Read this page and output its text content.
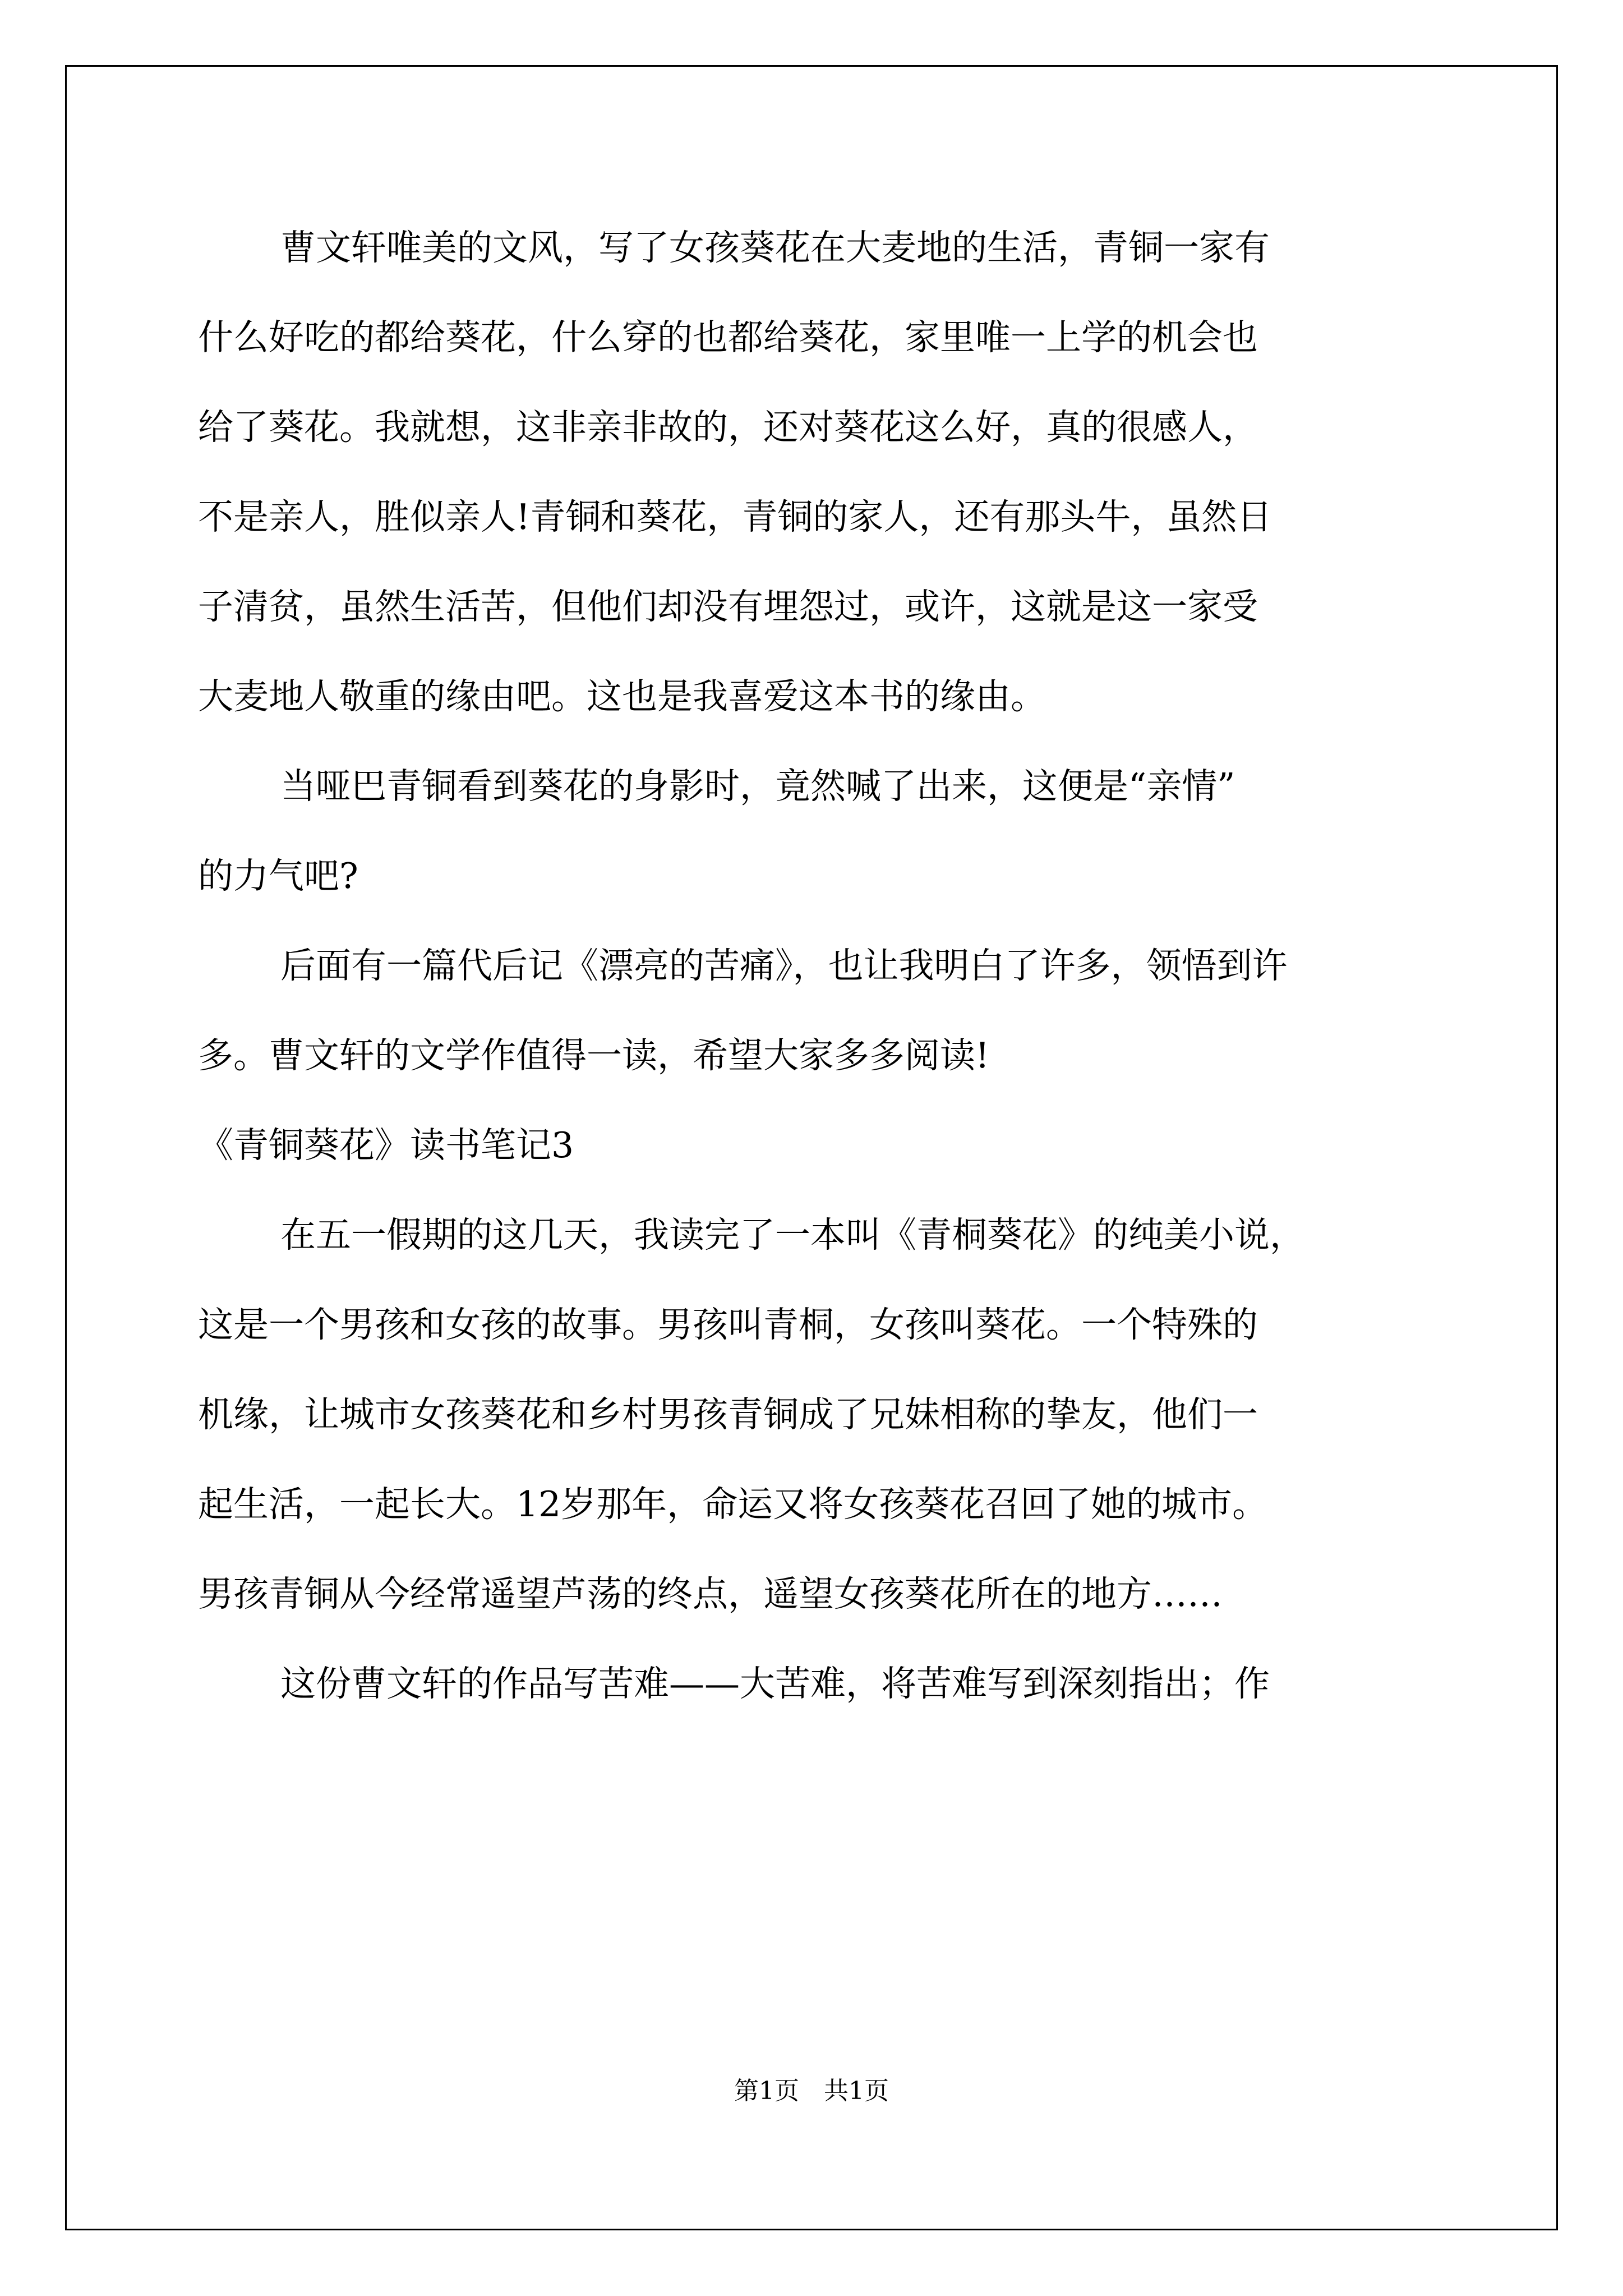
曹文轩唯美的文风，写了女孩葵花在大麦地的生活，青铜一家有

什么好吃的都给葵花，什么穿的也都给葵花，家里唯一上学的机会也

给了葵花。我就想，这非亲非故的，还对葵花这么好，真的很感人，

不是亲人，胜似亲人!青铜和葵花，青铜的家人，还有那头牛，虽然日

子清贫，虽然生活苦，但他们却没有埋怨过，或许，这就是这一家受

大麦地人敬重的缘由吧。这也是我喜爱这本书的缘由。

当哑巴青铜看到葵花的身影时，竟然喊了出来，这便是“亲情”

的力气吧?

后面有一篇代后记《漂亮的苦痛》，也让我明白了许多，领悟到许

多。曹文轩的文学作值得一读，希望大家多多阅读!

《青铜葵花》读书笔记3

在五一假期的这几天，我读完了一本叫《青桐葵花》的纯美小说，

这是一个男孩和女孩的故事。男孩叫青桐，女孩叫葵花。一个特殊的

机缘，让城市女孩葵花和乡村男孩青铜成了兄妹相称的挚友，他们一

起生活，一起长大。12岁那年，命运又将女孩葵花召回了她的城市。

男孩青铜从今经常遥望芦荡的终点，遥望女孩葵花所在的地方……

这份曹文轩的作品写苦难——大苦难，将苦难写到深刻指出；作

第1页　共1页
